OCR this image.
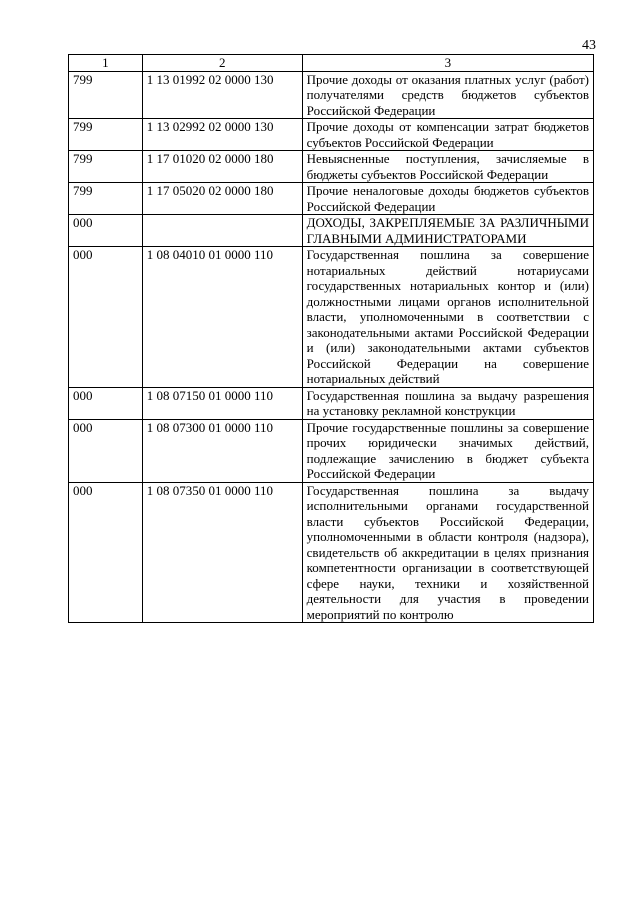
43
1	2	3
799	1 13 01992 02 0000 130	Прочие доходы от оказания платных услуг (работ) получателями средств бюджетов субъектов Российской Федерации
799	1 13 02992 02 0000 130	Прочие доходы от компенсации затрат бюджетов субъектов Российской Федерации
799	1 17 01020 02 0000 180	Невыясненные поступления, зачисляемые в бюджеты субъектов Российской Федерации
799	1 17 05020 02 0000 180	Прочие неналоговые доходы бюджетов субъектов Российской Федерации
000		ДОХОДЫ, ЗАКРЕПЛЯЕМЫЕ ЗА РАЗЛИЧНЫМИ ГЛАВНЫМИ АДМИНИСТРАТОРАМИ
000	1 08 04010 01 0000 110	Государственная пошлина за совершение нотариальных действий нотариусами государственных нотариальных контор и (или) должностными лицами органов исполнительной власти, уполномоченными в соответствии с законодательными актами Российской Федерации и (или) законодательными актами субъектов Российской Федерации на совершение нотариальных действий
000	1 08 07150 01 0000 110	Государственная пошлина за выдачу разрешения на установку рекламной конструкции
000	1 08 07300 01 0000 110	Прочие государственные пошлины за совершение прочих юридически значимых действий, подлежащие зачислению в бюджет субъекта Российской Федерации
000	1 08 07350 01 0000 110	Государственная пошлина за выдачу исполнительными органами государственной власти субъектов Российской Федерации, уполномоченными в области контроля (надзора), свидетельств об аккредитации в целях признания компетентности организации в соответствующей сфере науки, техники и хозяйственной деятельности для участия в проведении мероприятий по контролю
